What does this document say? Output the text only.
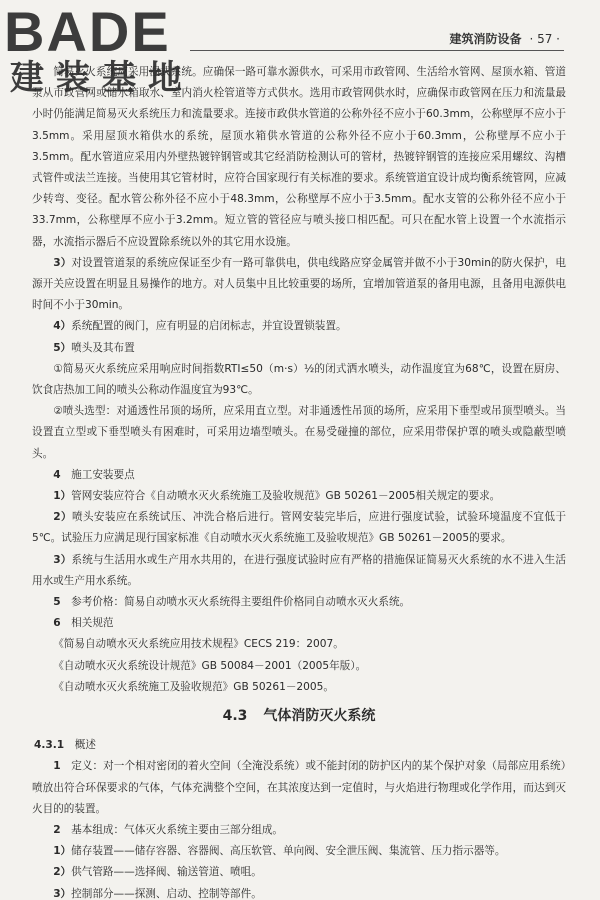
BADE
建装基地
建筑消防设备 · 57 ·

简易灭火系统应采用湿式系统。应确保一路可靠水源供水，可采用市政管网、生活给水管网、屋顶水箱、管道泵从市政管网或储水箱取水、室内消火栓管道等方式供水。选用市政管网供水时，应确保市政管网在压力和流量最小时仍能满足简易灭火系统压力和流量要求。连接市政供水管道的公称外径不应小于60.3mm，公称壁厚不应小于3.5mm。采用屋顶水箱供水的系统，屋顶水箱供水管道的公称外径不应小于60.3mm，公称壁厚不应小于3.5mm。配水管道应采用内外壁热镀锌钢管或其它经消防检测认可的管材，热镀锌钢管的连接应采用螺纹、沟槽式管件或法兰连接。当使用其它管材时，应符合国家现行有关标准的要求。系统管道宜设计成均衡系统管网，应减少转弯、变径。配水管公称外径不应小于48.3mm，公称壁厚不应小于3.5mm。配水支管的公称外径不应小于33.7mm，公称壁厚不应小于3.2mm。短立管的管径应与喷头接口相匹配。可只在配水管上设置一个水流指示器，水流指示器后不应设置除系统以外的其它用水设施。

3）对设置管道泵的系统应保证至少有一路可靠供电，供电线路应穿金属管并做不小于30min的防火保护，电源开关应设置在明显且易操作的地方。对人员集中且比较重要的场所，宜增加管道泵的备用电源，且备用电源供电时间不小于30min。

4）系统配置的阀门，应有明显的启闭标志，并宜设置锁装置。

5）喷头及其布置

①简易灭火系统应采用响应时间指数RTI≤50（m·s）½的闭式洒水喷头，动作温度宜为68℃，设置在厨房、饮食店热加工间的喷头公称动作温度宜为93℃。

②喷头选型：对通透性吊顶的场所，应采用直立型。对非通透性吊顶的场所，应采用下垂型或吊顶型喷头。当设置直立型或下垂型喷头有困难时，可采用边墙型喷头。在易受碰撞的部位，应采用带保护罩的喷头或隐蔽型喷头。

4　 施工安装要点

1）管网安装应符合《自动喷水灭火系统施工及验收规范》GB 50261－2005相关规定的要求。

2）喷头安装应在系统试压、冲洗合格后进行。管网安装完毕后，应进行强度试验，试验环境温度不宜低于5℃。试验压力应满足现行国家标准《自动喷水灭火系统施工及验收规范》GB 50261－2005的要求。

3）系统与生活用水或生产用水共用的，在进行强度试验时应有严格的措施保证简易灭火系统的水不进入生活用水或生产用水系统。

5　 参考价格：简易自动喷水灭火系统得主要组件价格同自动喷水灭火系统。

6　 相关规范

《简易自动喷水灭火系统应用技术规程》CECS 219：2007。

《自动喷水灭火系统设计规范》GB 50084－2001（2005年版）。

《自动喷水灭火系统施工及验收规范》GB 50261－2005。

4.3 气体消防灭火系统

4.3.1　 概述

1　 定义：对一个相对密闭的着火空间（全淹没系统）或不能封闭的防护区内的某个保护对象（局部应用系统）喷放出符合环保要求的气体，气体充满整个空间，在其浓度达到一定值时，与火焰进行物理或化学作用，而达到灭火目的的装置。

2　 基本组成：气体灭火系统主要由三部分组成。

1）储存装置——储存容器、容器阀、高压软管、单向阀、安全泄压阀、集流管、压力指示器等。

2）供气管路——选择阀、输送管道、喷咀。

3）控制部分——探测、启动、控制等部件。
